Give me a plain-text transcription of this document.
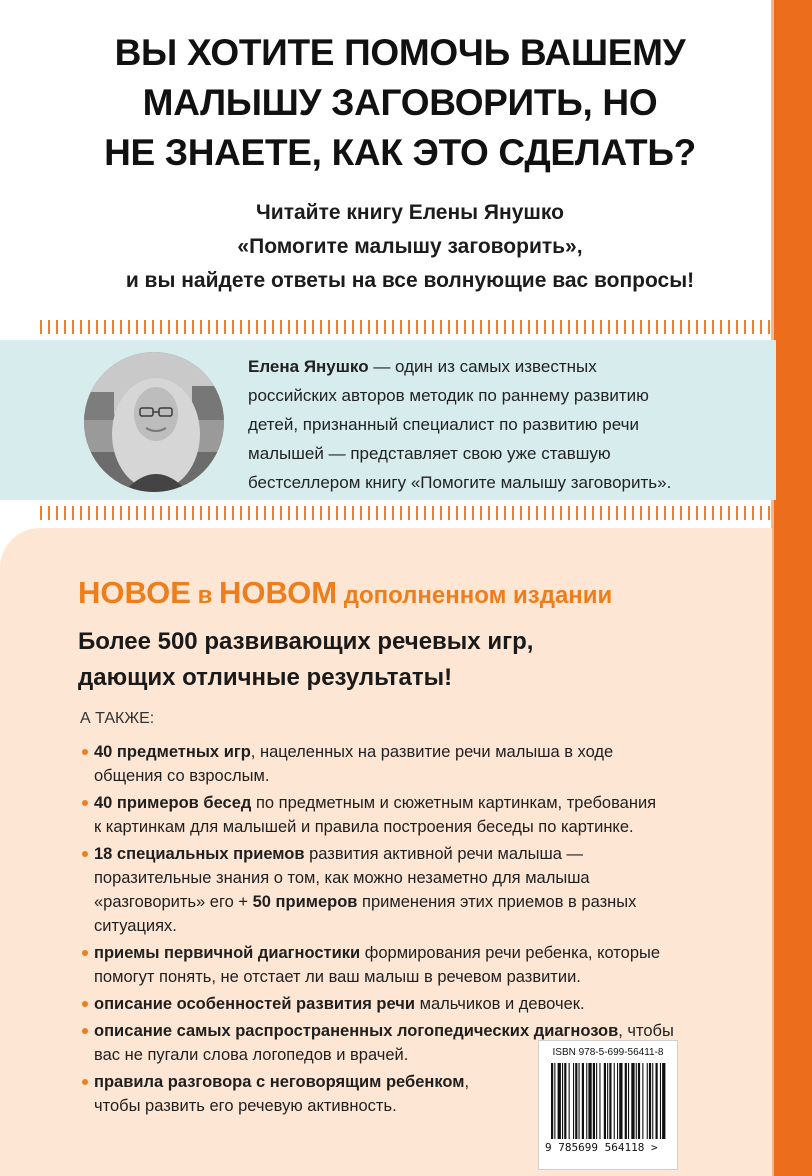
ВЫ ХОТИТЕ ПОМОЧЬ ВАШЕМУ
МАЛЫШУ ЗАГОВОРИТЬ, НО
НЕ ЗНАЕТЕ, КАК ЭТО СДЕЛАТЬ?
Читайте книгу Елены Янушко
«Помогите малышу заговорить»,
и вы найдете ответы на все волнующие вас вопросы!
Елена Янушко — один из самых известных
российских авторов методик по раннему развитию
детей, признанный специалист по развитию речи
малышей — представляет свою уже ставшую
бестселлером книгу «Помогите малышу заговорить».
НОВОЕ в НОВОМ дополненном издании
Более 500 развивающих речевых игр,
дающих отличные результаты!
А ТАКЖЕ:
40 предметных игр, нацеленных на развитие речи малыша в ходе
общения со взрослым.
40 примеров бесед по предметным и сюжетным картинкам, требования
к картинкам для малышей и правила построения беседы по картинке.
18 специальных приемов развития активной речи малыша —
поразительные знания о том, как можно незаметно для малыша
«разговорить» его + 50 примеров применения этих приемов в разных
ситуациях.
приемы первичной диагностики формирования речи ребенка, которые
помогут понять, не отстает ли ваш малыш в речевом развитии.
описание особенностей развития речи мальчиков и девочек.
описание самых распространенных логопедических диагнозов, чтобы
вас не пугали слова логопедов и врачей.
правила разговора с неговорящим ребенком,
чтобы развить его речевую активность.
ISBN 978-5-699-56411-8
9 785699 564118 >
